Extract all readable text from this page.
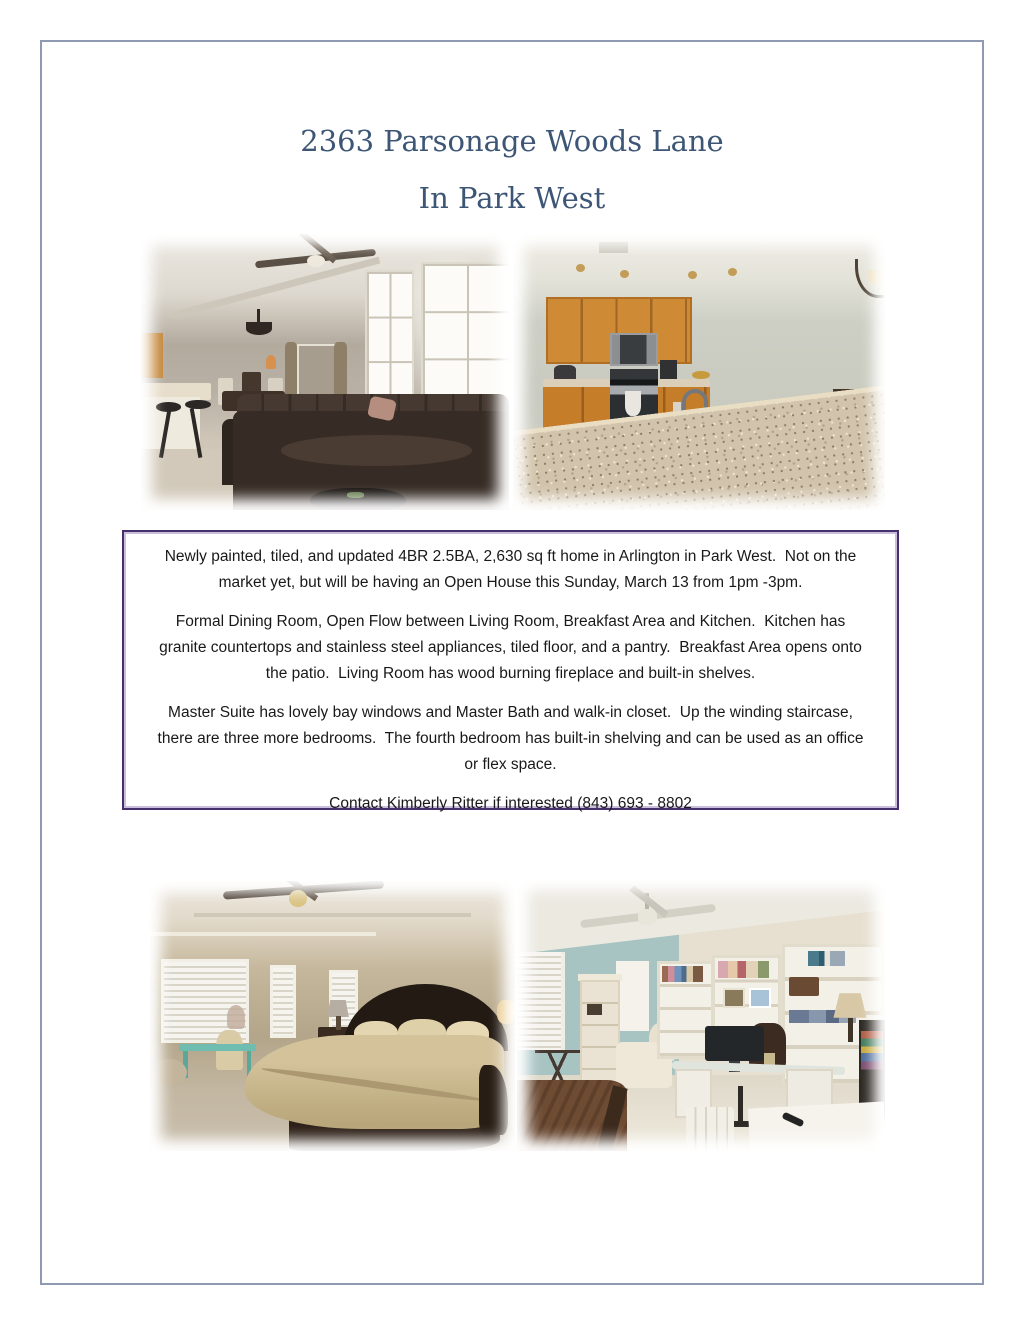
2363 Parsonage Woods Lane
In Park West

Newly painted, tiled, and updated 4BR 2.5BA, 2,630 sq ft home in Arlington in Park West.  Not on the market yet, but will be having an Open House this Sunday, March 13 from 1pm -3pm.

Formal Dining Room, Open Flow between Living Room, Breakfast Area and Kitchen.  Kitchen has granite countertops and stainless steel appliances, tiled floor, and a pantry.  Breakfast Area opens onto the patio.  Living Room has wood burning fireplace and built-in shelves.

Master Suite has lovely bay windows and Master Bath and walk-in closet.  Up the winding staircase, there are three more bedrooms.  The fourth bedroom has built-in shelving and can be used as an office or flex space.

Contact Kimberly Ritter if interested (843) 693 - 8802
